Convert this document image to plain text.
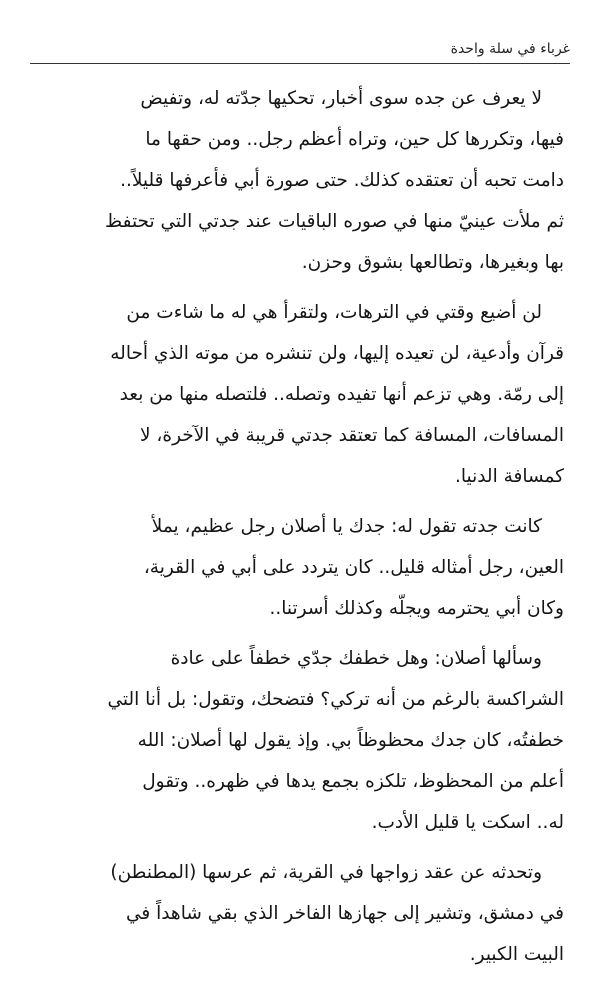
غرباء في سلة واحدة

لا يعرف عن جده سوى أخبار، تحكيها جدّته له، وتفيض
فيها، وتكررها كل حين، وتراه أعظم رجل.. ومن حقها ما
دامت تحبه أن تعتقده كذلك. حتى صورة أبي فأعرفها قليلاً..
ثم ملأت عينيّ منها في صوره الباقيات عند جدتي التي تحتفظ
بها وبغيرها، وتطالعها بشوق وحزن.

لن أضيع وقتي في الترهات، ولتقرأ هي له ما شاءت من
قرآن وأدعية، لن تعيده إليها، ولن تنشره من موته الذي أحاله
إلى رمّة. وهي تزعم أنها تفيده وتصله.. فلتصله منها من بعد
المسافات، المسافة كما تعتقد جدتي قريبة في الآخرة، لا
كمسافة الدنيا.

كانت جدته تقول له: جدك يا أصلان رجل عظيم، يملأ
العين، رجل أمثاله قليل.. كان يتردد على أبي في القرية،
وكان أبي يحترمه ويجلّه وكذلك أسرتنا..

وسألها أصلان: وهل خطفك جدّي خطفاً على عادة
الشراكسة بالرغم من أنه تركي؟ فتضحك، وتقول: بل أنا التي
خطفتُه، كان جدك محظوظاً بي. وإذ يقول لها أصلان: الله
أعلم من المحظوظ، تلكزه بجمع يدها في ظهره.. وتقول
له.. اسكت يا قليل الأدب.

وتحدثه عن عقد زواجها في القرية، ثم عرسها (المطنطن)
في دمشق، وتشير إلى جهازها الفاخر الذي بقي شاهداً في
البيت الكبير.
